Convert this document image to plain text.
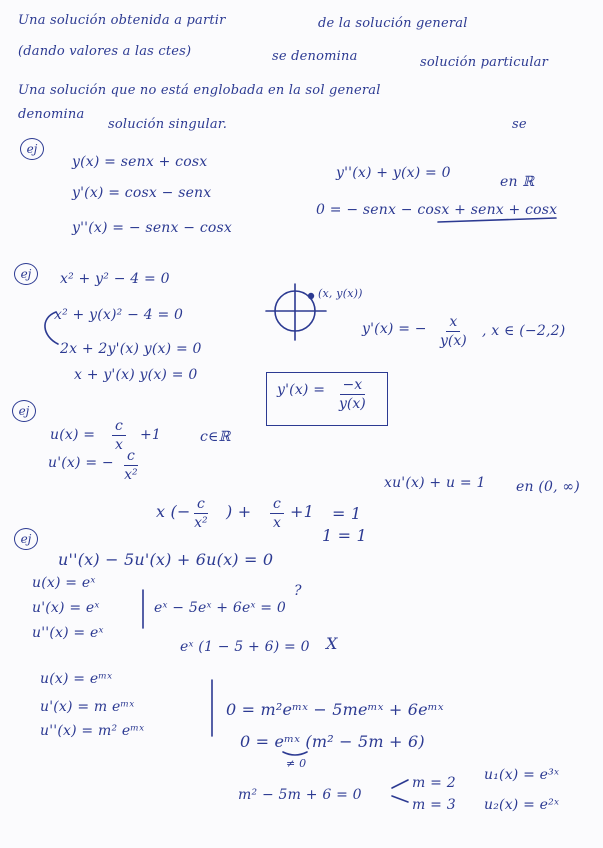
Una solución obtenida a partir	de la solución general
(dando valores a las ctes)	se denomina	solución particular
Una solución que no está englobada en la sol general
se
denomina
solución singular.
ej
y(x) = senx + cosx
y'(x) = cosx − senx
y''(x) = − senx − cosx
y''(x) + y(x) = 0
en ℝ
0 = − senx − cosx + senx + cosx
ej	x² + y² − 4 = 0
x² + y(x)² − 4 = 0
2x + 2y'(x) y(x) = 0
x + y'(x) y(x) = 0
(x, y(x))
y'(x) = − $\frac{x}{y(x)}$ , x ∈ (−2,2)
$y'(x) = \frac{-x}{y(x)}$
ej
$u(x) = \frac{c}{x} +1$	c∈ℝ
u'(x) = − $\frac{c}{\text{x²}}$	xu'(x) + u = 1 en (0, ∞)
x (− $\frac{c}{\text{x²}}$ ) + $\frac{c}{x} +1 = 1$
1 = 1
ej
u''(x) − 5u'(x) + 6u(x) = 0
u(x) = eˣ
u'(x) = eˣ
u''(x) = eˣ
eˣ − 5eˣ + 6eˣ = 0
?
eˣ (1 − 5 + 6) = 0 X
u(x) = eᵐˣ
u'(x) = m eᵐˣ
u''(x) = m² eᵐˣ
0 = m²eᵐˣ − 5meᵐˣ + 6eᵐˣ
0 = eᵐˣ (m² − 5m + 6)
≠ 0
m² − 5m + 6 = 0
m = 2
m = 3
u₁(x) = e³ˣ
u₂(x) = e²ˣ
